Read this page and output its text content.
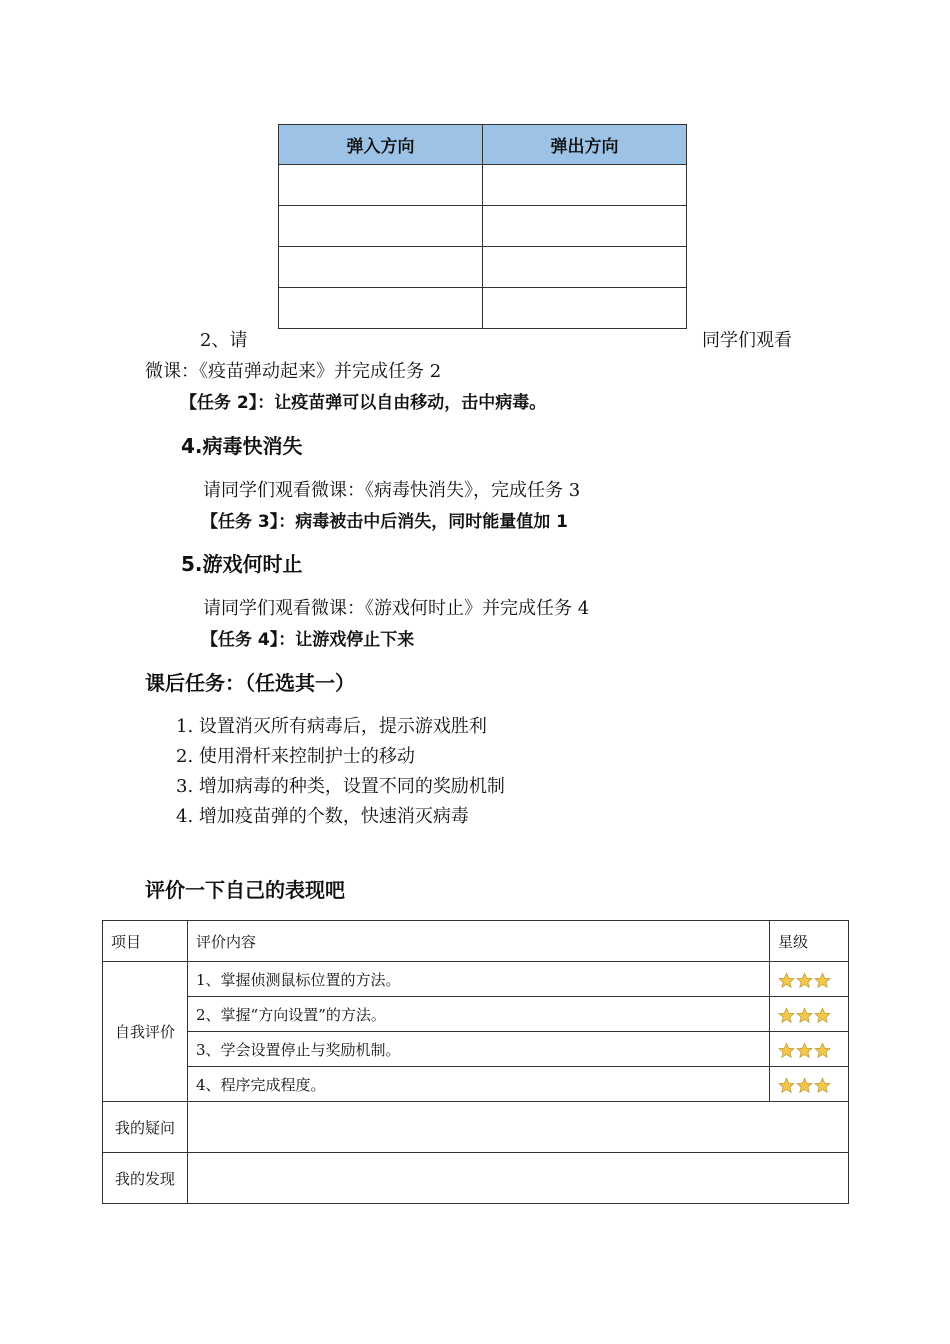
弹入方向	弹出方向

2、请	同学们观看
微课：《疫苗弹动起来》并完成任务 2
【任务 2】：让疫苗弹可以自由移动，击中病毒。
4.病毒快消失
请同学们观看微课：《病毒快消失》，完成任务 3
【任务 3】：病毒被击中后消失，同时能量值加 1
5.游戏何时止
请同学们观看微课：《游戏何时止》并完成任务 4
【任务 4】：让游戏停止下来
课后任务：（任选其一）
1. 设置消灭所有病毒后，提示游戏胜利
2. 使用滑杆来控制护士的移动
3. 增加病毒的种类，设置不同的奖励机制
4. 增加疫苗弹的个数，快速消灭病毒
评价一下自己的表现吧
项目	评价内容	星级
自我评价	1、掌握侦测鼠标位置的方法。	

	2、掌握“方向设置”的方法。	

	3、学会设置停止与奖励机制。	

	4、程序完成程度。	

我的疑问		
我的发现		
